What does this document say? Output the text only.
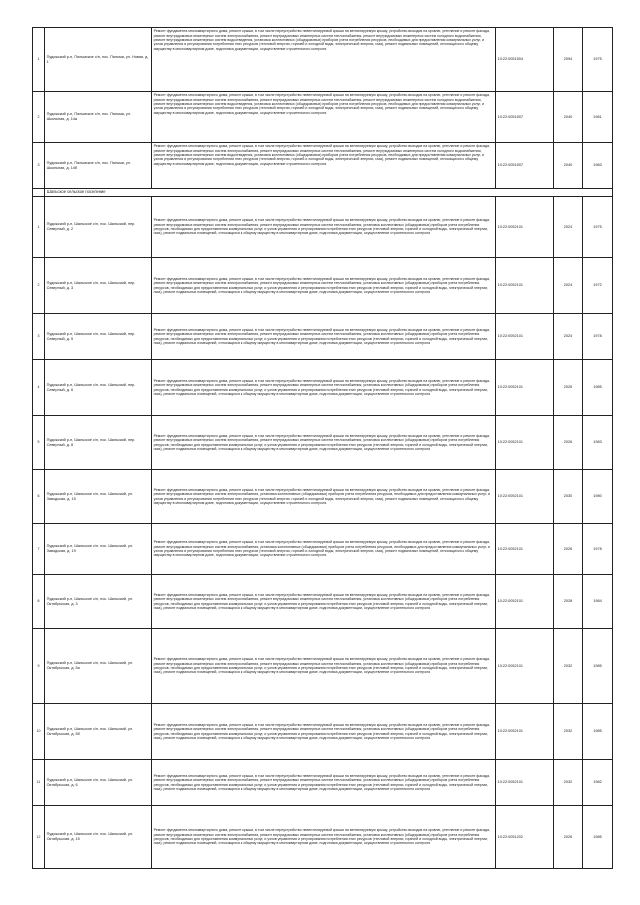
1	Пудожский р-н, Пяльмское с/п, пос. Пяльма, ул. Новая, д. 1	Ремонт фундамента многоквартирного дома, ремонт крыши, в том числе переустройство невентилируемой крыши на вентилируемую крышу, устройство выходов на кровлю, утепление и ремонт фасада, ремонт внутридомовых инженерных систем электроснабжения, ремонт внутридомовых инженерных систем теплоснабжения, ремонт внутридомовых инженерных систем холодного водоснабжения, ремонт внутридомовых инженерных систем водоотведения, установка коллективных (общедомовых) приборов учета потребления ресурсов, необходимых для предоставления коммунальных услуг, и узлов управления и регулирования потребления этих ресурсов (тепловой энергии, горячей и холодной воды, электрической энергии, газа), ремонт подвальных помещений, относящихся к общему имуществу в многоквартирном доме, подготовка документации, осуществление строительного контроля	10:22:0051504	2094	1975
2	Пудожский р-н, Пяльмское с/п, пос. Пяльма, ул. Школьная, д. 14а	Ремонт фундамента многоквартирного дома, ремонт крыши, в том числе переустройство невентилируемой крыши на вентилируемую крышу, устройство выходов на кровлю, утепление и ремонт фасада, ремонт внутридомовых инженерных систем электроснабжения, ремонт внутридомовых инженерных систем теплоснабжения, ремонт внутридомовых инженерных систем холодного водоснабжения, ремонт внутридомовых инженерных систем водоотведения, установка коллективных (общедомовых) приборов учета потребления ресурсов, необходимых для предоставления коммунальных услуг, и узлов управления и регулирования потребления этих ресурсов (тепловой энергии, горячей и холодной воды, электрической энергии, газа), ремонт подвальных помещений, относящихся к общему имуществу в многоквартирном доме, подготовка документации, осуществление строительного контроля	10:22:0051507	2040	1981
3	Пудожский р-н, Пяльмское с/п, пос. Пяльма, ул. Школьная, д. 14б	Ремонт фундамента многоквартирного дома, ремонт крыши, в том числе переустройство невентилируемой крыши на вентилируемую крышу, устройство выходов на кровлю, утепление и ремонт фасада, ремонт внутридомовых инженерных систем электроснабжения, ремонт внутридомовых инженерных систем теплоснабжения, ремонт внутридомовых инженерных систем холодного водоснабжения, ремонт внутридомовых инженерных систем водоотведения, установка коллективных (общедомовых) приборов учета потребления ресурсов, необходимых для предоставления коммунальных услуг, и узлов управления и регулирования потребления этих ресурсов (тепловой энергии, горячей и холодной воды, электрической энергии, газа), ремонт подвальных помещений, относящихся к общему имуществу в многоквартирном доме, подготовка документации, осуществление строительного контроля	10:22:0051507	2040	1983
	Шальское сельское поселение				
1	Пудожский р-н, Шальское с/п, пос. Шальский, пер. Северный, д. 2	Ремонт фундамента многоквартирного дома, ремонт крыши, в том числе переустройство невентилируемой крыши на вентилируемую крышу, устройство выходов на кровлю, утепление и ремонт фасада, ремонт внутридомовых инженерных систем электроснабжения, ремонт внутридомовых инженерных систем теплоснабжения, установка коллективных (общедомовых) приборов учета потребления ресурсов, необходимых для предоставления коммунальных услуг, и узлов управления и регулирования потребления этих ресурсов (тепловой энергии, горячей и холодной воды, электрической энергии, газа), ремонт подвальных помещений, относящихся к общему имуществу в многоквартирном доме, подготовка документации, осуществление строительного контроля	10:22:0052101	2024	1975
2	Пудожский р-н, Шальское с/п, пос. Шальский, пер. Северный, д. 3	Ремонт фундамента многоквартирного дома, ремонт крыши, в том числе переустройство невентилируемой крыши на вентилируемую крышу, устройство выходов на кровлю, утепление и ремонт фасада, ремонт внутридомовых инженерных систем электроснабжения, ремонт внутридомовых инженерных систем теплоснабжения, установка коллективных (общедомовых) приборов учета потребления ресурсов, необходимых для предоставления коммунальных услуг, и узлов управления и регулирования потребления этих ресурсов (тепловой энергии, горячей и холодной воды, электрической энергии, газа), ремонт подвальных помещений, относящихся к общему имуществу в многоквартирном доме, подготовка документации, осуществление строительного контроля	10:22:0052101	2024	1972
3	Пудожский р-н, Шальское с/п, пос. Шальский, пер. Северный, д. 5	Ремонт фундамента многоквартирного дома, ремонт крыши, в том числе переустройство невентилируемой крыши на вентилируемую крышу, устройство выходов на кровлю, утепление и ремонт фасада, ремонт внутридомовых инженерных систем электроснабжения, ремонт внутридомовых инженерных систем теплоснабжения, установка коллективных (общедомовых) приборов учета потребления ресурсов, необходимых для предоставления коммунальных услуг, и узлов управления и регулирования потребления этих ресурсов (тепловой энергии, горячей и холодной воды, электрической энергии, газа), ремонт подвальных помещений, относящихся к общему имуществу в многоквартирном доме, подготовка документации, осуществление строительного контроля	10:22:0052101	2024	1978
4	Пудожский р-н, Шальское с/п, пос. Шальский, пер. Северный, д. 6	Ремонт фундамента многоквартирного дома, ремонт крыши, в том числе переустройство невентилируемой крыши на вентилируемую крышу, устройство выходов на кровлю, утепление и ремонт фасада, ремонт внутридомовых инженерных систем электроснабжения, ремонт внутридомовых инженерных систем теплоснабжения, установка коллективных (общедомовых) приборов учета потребления ресурсов, необходимых для предоставления коммунальных услуг, и узлов управления и регулирования потребления этих ресурсов (тепловой энергии, горячей и холодной воды, электрической энергии, газа), ремонт подвальных помещений, относящихся к общему имуществу в многоквартирном доме, подготовка документации, осуществление строительного контроля	10:22:0052101	2026	1985
5	Пудожский р-н, Шальское с/п, пос. Шальский, пер. Северный, д. 8	Ремонт фундамента многоквартирного дома, ремонт крыши, в том числе переустройство невентилируемой крыши на вентилируемую крышу, устройство выходов на кровлю, утепление и ремонт фасада, ремонт внутридомовых инженерных систем электроснабжения, ремонт внутридомовых инженерных систем теплоснабжения, установка коллективных (общедомовых) приборов учета потребления ресурсов, необходимых для предоставления коммунальных услуг, и узлов управления и регулирования потребления этих ресурсов (тепловой энергии, горячей и холодной воды, электрической энергии, газа), ремонт подвальных помещений, относящихся к общему имуществу в многоквартирном доме, подготовка документации, осуществление строительного контроля	10:22:0052101	2026	1983
6	Пудожский р-н, Шальское с/п, пос. Шальский, ул. Заводская, д. 15	Ремонт фундамента многоквартирного дома, ремонт крыши, в том числе переустройство невентилируемой крыши на вентилируемую крышу, устройство выходов на кровлю, утепление и ремонт фасада, ремонт внутридомовых инженерных систем электроснабжения, установка коллективных (общедомовых) приборов учета потребления ресурсов, необходимых для предоставления коммунальных услуг, и узлов управления и регулирования потребления этих ресурсов (тепловой энергии, горячей и холодной воды, электрической энергии, газа), ремонт подвальных помещений, относящихся к общему имуществу в многоквартирном доме, подготовка документации, осуществление строительного контроля	10:22:0052101	2030	1980
7	Пудожский р-н, Шальское с/п, пос. Шальский, ул. Заводская, д. 19	Ремонт фундамента многоквартирного дома, ремонт крыши, в том числе переустройство невентилируемой крыши на вентилируемую крышу, устройство выходов на кровлю, утепление и ремонт фасада, ремонт внутридомовых инженерных систем электроснабжения, установка коллективных (общедомовых) приборов учета потребления ресурсов, необходимых для предоставления коммунальных услуг, и узлов управления и регулирования потребления этих ресурсов (тепловой энергии, горячей и холодной воды, электрической энергии, газа), ремонт подвальных помещений, относящихся к общему имуществу в многоквартирном доме, подготовка документации, осуществление строительного контроля	10:22:0052101	2026	1978
8	Пудожский р-н, Шальское с/п, пос. Шальский, ул. Октябрьская, д. 3	Ремонт фундамента многоквартирного дома, ремонт крыши, в том числе переустройство невентилируемой крыши на вентилируемую крышу, устройство выходов на кровлю, утепление и ремонт фасада, ремонт внутридомовых инженерных систем электроснабжения, ремонт внутридомовых инженерных систем теплоснабжения, установка коллективных (общедомовых) приборов учета потребления ресурсов, необходимых для предоставления коммунальных услуг, и узлов управления и регулирования потребления этих ресурсов (тепловой энергии, горячей и холодной воды, электрической энергии, газа), ремонт подвальных помещений, относящихся к общему имуществу в многоквартирном доме, подготовка документации, осуществление строительного контроля	10:22:0052101	2028	1984
9	Пудожский р-н, Шальское с/п, пос. Шальский, ул. Октябрьская, д. 5а	Ремонт фундамента многоквартирного дома, ремонт крыши, в том числе переустройство невентилируемой крыши на вентилируемую крышу, устройство выходов на кровлю, утепление и ремонт фасада, ремонт внутридомовых инженерных систем электроснабжения, ремонт внутридомовых инженерных систем теплоснабжения, установка коллективных (общедомовых) приборов учета потребления ресурсов, необходимых для предоставления коммунальных услуг, и узлов управления и регулирования потребления этих ресурсов (тепловой энергии, горячей и холодной воды, электрической энергии, газа), ремонт подвальных помещений, относящихся к общему имуществу в многоквартирном доме, подготовка документации, осуществление строительного контроля	10:22:0052101	2032	1985
10	Пудожский р-н, Шальское с/п, пос. Шальский, ул. Октябрьская, д. 5б	Ремонт фундамента многоквартирного дома, ремонт крыши, в том числе переустройство невентилируемой крыши на вентилируемую крышу, устройство выходов на кровлю, утепление и ремонт фасада, ремонт внутридомовых инженерных систем электроснабжения, ремонт внутридомовых инженерных систем теплоснабжения, установка коллективных (общедомовых) приборов учета потребления ресурсов, необходимых для предоставления коммунальных услуг, и узлов управления и регулирования потребления этих ресурсов (тепловой энергии, горячей и холодной воды, электрической энергии, газа), ремонт подвальных помещений, относящихся к общему имуществу в многоквартирном доме, подготовка документации, осуществление строительного контроля	10:22:0052101	2032	1985
11	Пудожский р-н, Шальское с/п, пос. Шальский, ул. Октябрьская, д. 6	Ремонт фундамента многоквартирного дома, ремонт крыши, в том числе переустройство невентилируемой крыши на вентилируемую крышу, устройство выходов на кровлю, утепление и ремонт фасада, ремонт внутридомовых инженерных систем электроснабжения, ремонт внутридомовых инженерных систем теплоснабжения, установка коллективных (общедомовых) приборов учета потребления ресурсов, необходимых для предоставления коммунальных услуг, и узлов управления и регулирования потребления этих ресурсов (тепловой энергии, горячей и холодной воды, электрической энергии, газа), ремонт подвальных помещений, относящихся к общему имуществу в многоквартирном доме, подготовка документации, осуществление строительного контроля	10:22:0052101	2032	1982
12	Пудожский р-н, Шальское с/п, пос. Шальский, ул. Октябрьская, д. 15	Ремонт фундамента многоквартирного дома, ремонт крыши, в том числе переустройство невентилируемой крыши на вентилируемую крышу, устройство выходов на кровлю, утепление и ремонт фасада, ремонт внутридомовых инженерных систем электроснабжения, ремонт внутридомовых инженерных систем теплоснабжения, установка коллективных (общедомовых) приборов учета потребления ресурсов, необходимых для предоставления коммунальных услуг, и узлов управления и регулирования потребления этих ресурсов (тепловой энергии, горячей и холодной воды, электрической энергии, газа), ремонт подвальных помещений, относящихся к общему имуществу в многоквартирном доме, подготовка документации, осуществление строительного контроля	10:22:0051202	2026	1985
